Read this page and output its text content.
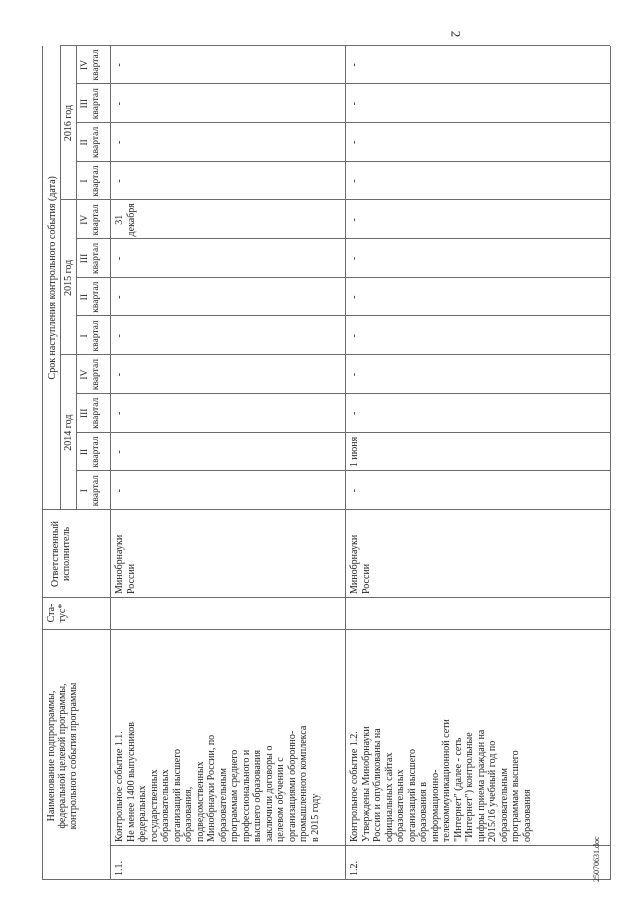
Наименование подпрограммы,
федеральной целевой программы,
контрольного события программы
Ста-
тус*
Ответственный
исполнитель
Срок наступления контрольного события (дата)
2014 год
2015 год
2016 год
I
квартал
II
квартал
III
квартал
IV
квартал
I
квартал
II
квартал
III
квартал
IV
квартал
I
квартал
II
квартал
III
квартал
IV
квартал
1.1.
Контрольное событие 1.1.
Не менее 1400 выпускников
федеральных
государственных
образовательных
организаций высшего
образования,
подведомственных
Минобрнауки России, по
образовательным
программам среднего
профессионального и
высшего образования
заключили договоры о
целевом обучении с
организациями оборонно-
промышленного комплекса
в 2015 году
Минобрнауки
России
-
-
-
-
-
-
-
31
декабря
-
-
-
-
1.2.
Контрольное событие 1.2.
Утверждены Минобрнауки
России и опубликованы на
официальных сайтах
образовательных
организаций высшего
образования в
информационно-
телекоммуникационной сети
"Интернет" (далее - сеть
"Интернет") контрольные
цифры приема граждан на
2015/16 учебный год по
образовательным
программам высшего
образования
Минобрнауки
России
-
1 июня
-
-
-
-
-
-
-
-
-
-
2
25070631.doc
